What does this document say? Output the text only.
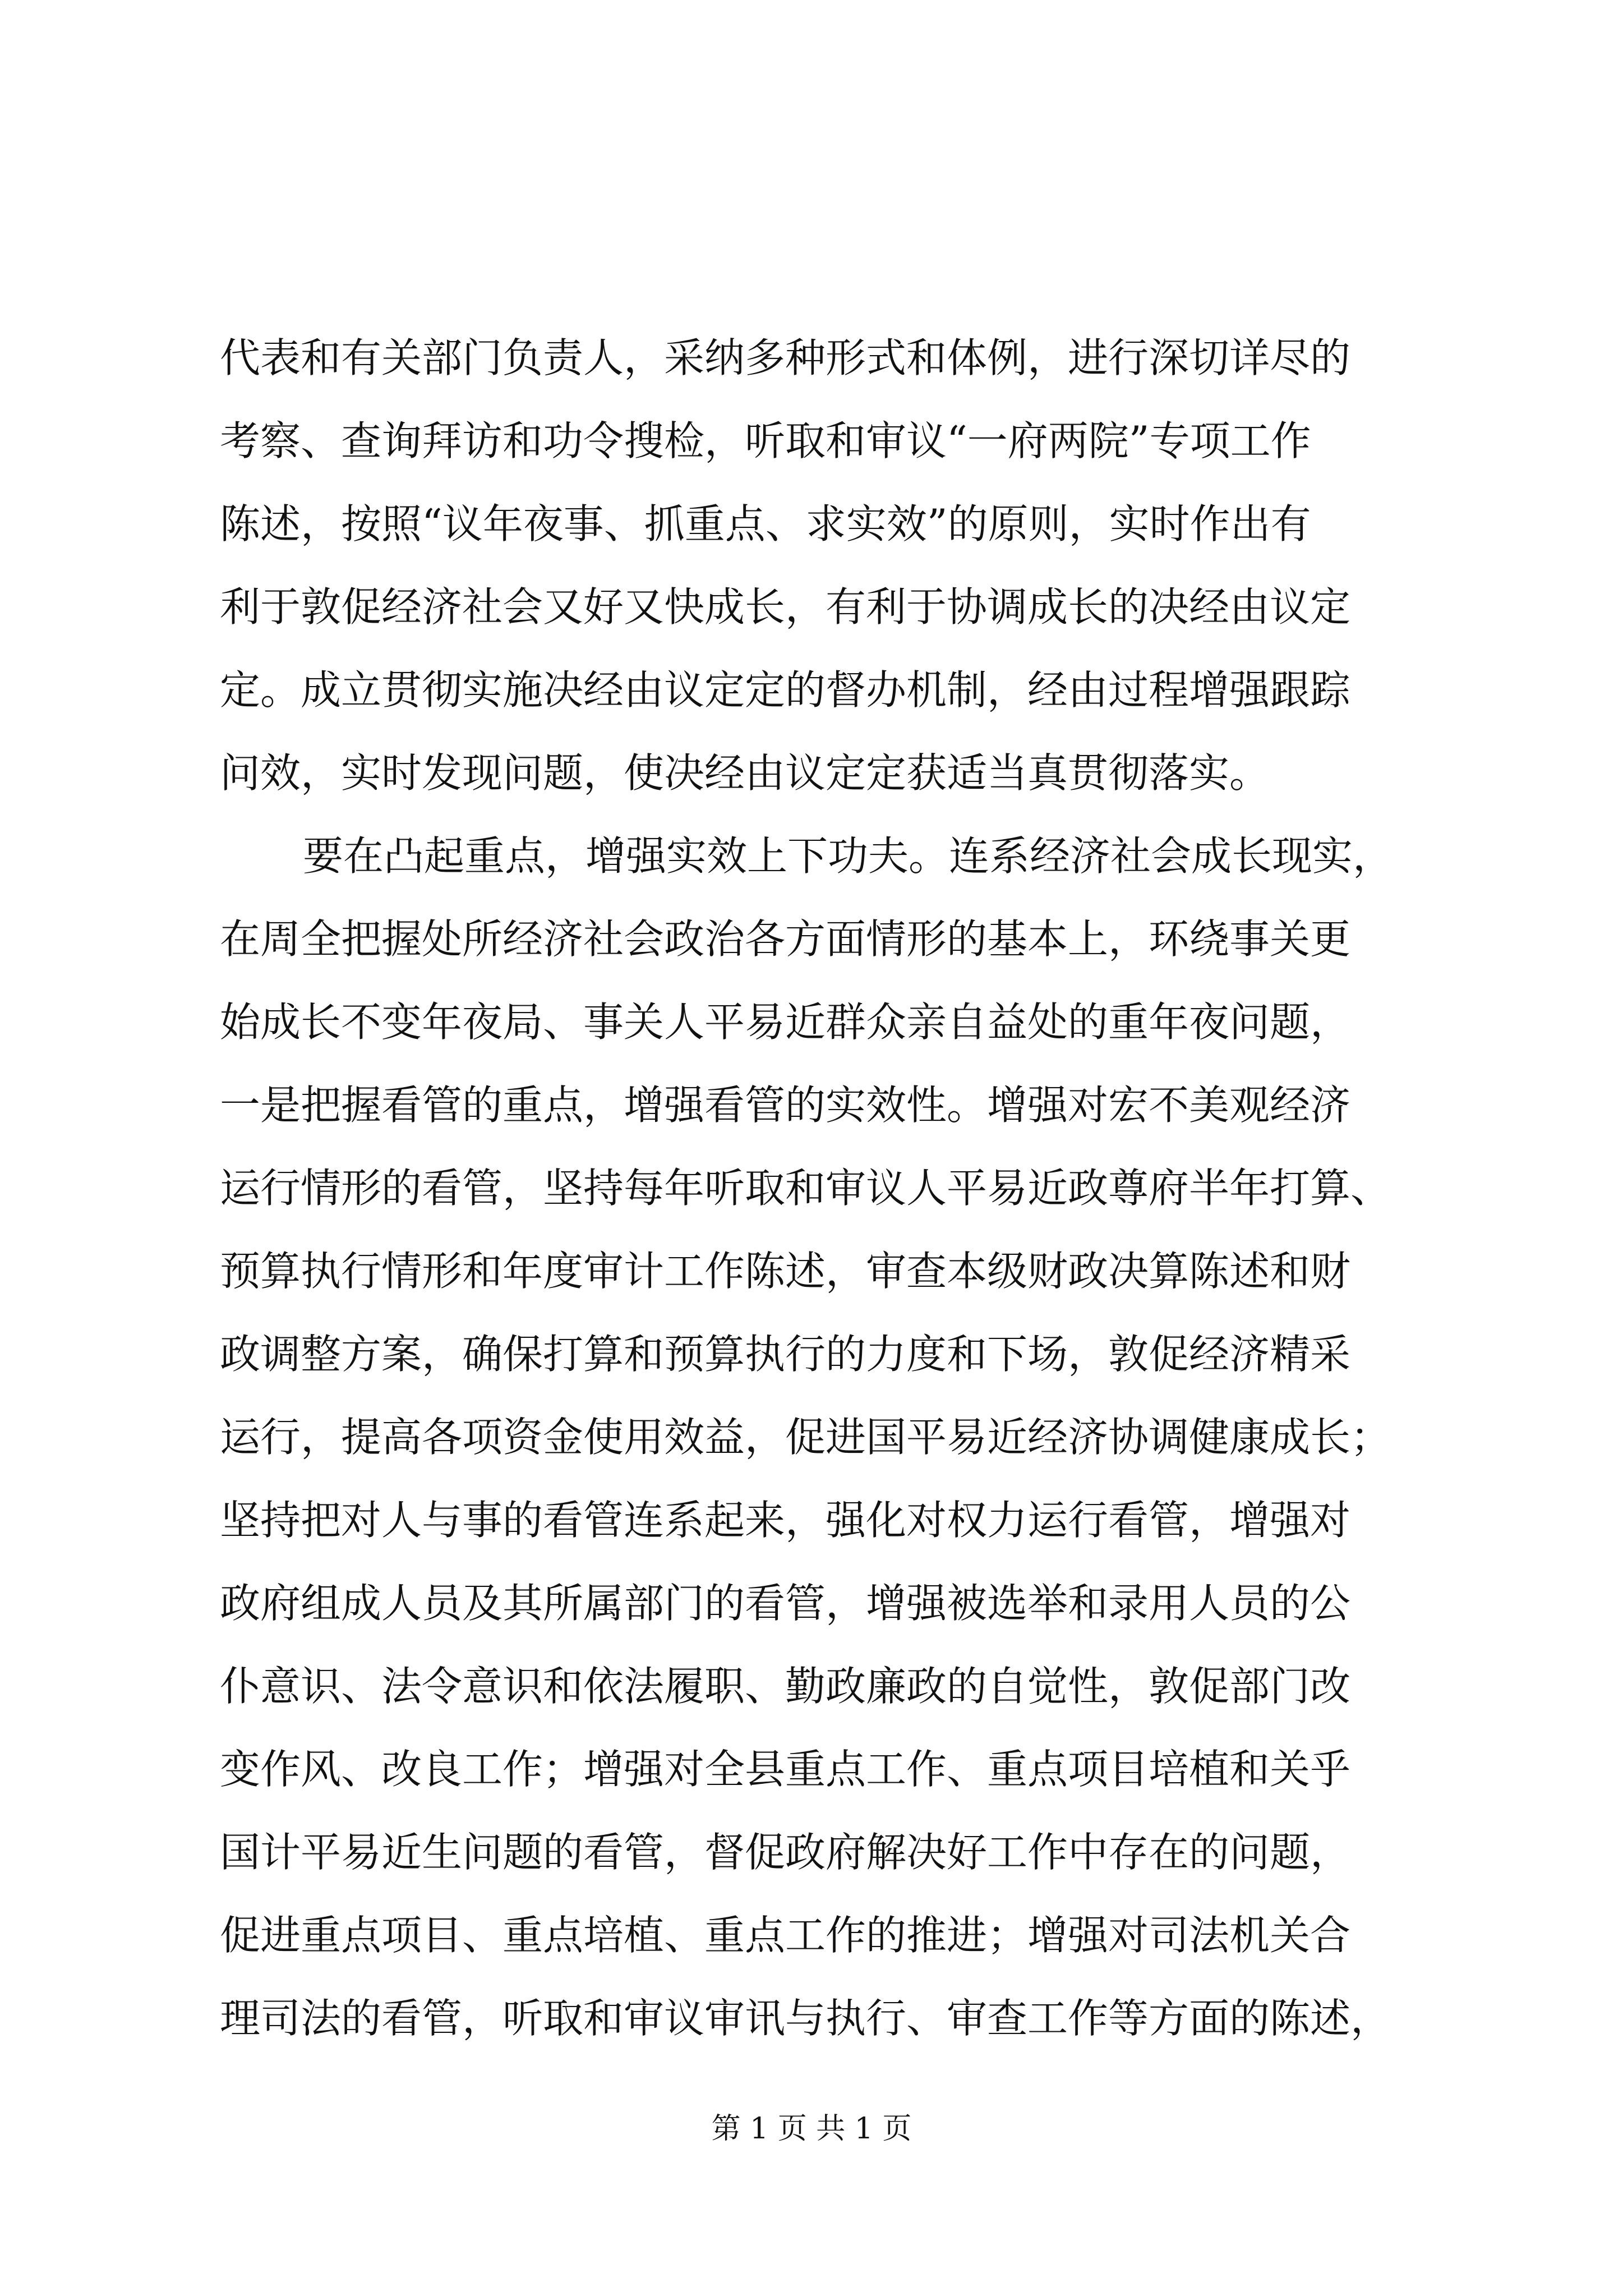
代表和有关部门负责人，采纳多种形式和体例，进行深切详尽的
考察、查询拜访和功令搜检，听取和审议“一府两院”专项工作
陈述，按照“议年夜事、抓重点、求实效”的原则，实时作出有
利于敦促经济社会又好又快成长，有利于协调成长的决经由议定
定。成立贯彻实施决经由议定定的督办机制，经由过程增强跟踪
问效，实时发现问题，使决经由议定定获适当真贯彻落实。
要在凸起重点，增强实效上下功夫。连系经济社会成长现实，
在周全把握处所经济社会政治各方面情形的基本上，环绕事关更
始成长不变年夜局、事关人平易近群众亲自益处的重年夜问题，
一是把握看管的重点，增强看管的实效性。增强对宏不美观经济
运行情形的看管，坚持每年听取和审议人平易近政尊府半年打算、
预算执行情形和年度审计工作陈述，审查本级财政决算陈述和财
政调整方案，确保打算和预算执行的力度和下场，敦促经济精采
运行，提高各项资金使用效益，促进国平易近经济协调健康成长；
坚持把对人与事的看管连系起来，强化对权力运行看管，增强对
政府组成人员及其所属部门的看管，增强被选举和录用人员的公
仆意识、法令意识和依法履职、勤政廉政的自觉性，敦促部门改
变作风、改良工作；增强对全县重点工作、重点项目培植和关乎
国计平易近生问题的看管，督促政府解决好工作中存在的问题，
促进重点项目、重点培植、重点工作的推进；增强对司法机关合
理司法的看管，听取和审议审讯与执行、审查工作等方面的陈述，
第 1 页 共 1 页
